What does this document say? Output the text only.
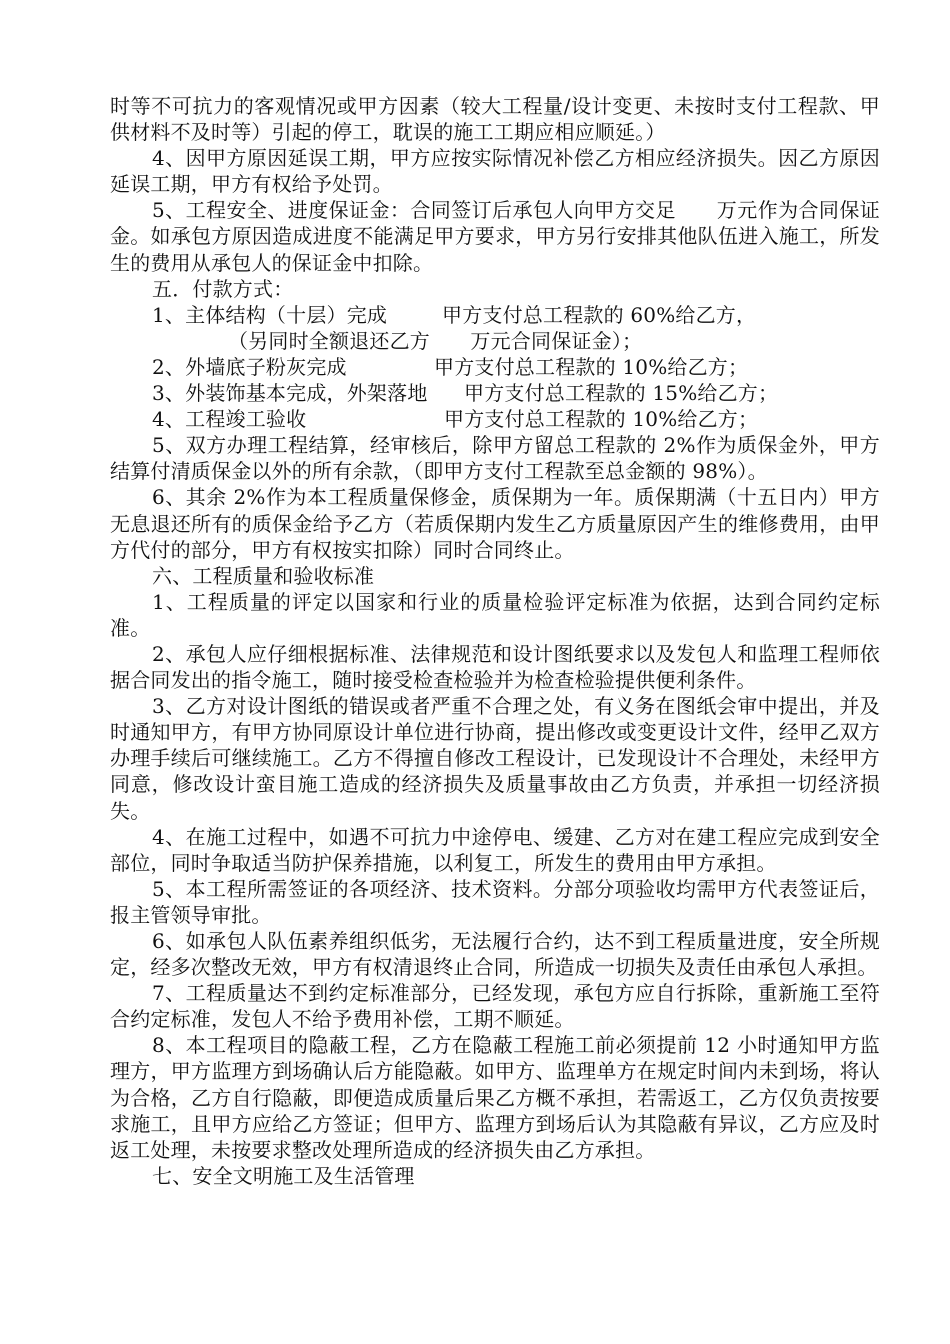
时等不可抗力的客观情况或甲方因素（较大工程量/设计变更、未按时支付工程款、甲供材料不及时等）引起的停工，耽误的施工工期应相应顺延。）

4、因甲方原因延误工期，甲方应按实际情况补偿乙方相应经济损失。因乙方原因延误工期，甲方有权给予处罚。

5、工程安全、进度保证金：合同签订后承包人向甲方交足　　万元作为合同保证金。如承包方原因造成进度不能满足甲方要求，甲方另行安排其他队伍进入施工，所发生的费用从承包人的保证金中扣除。

五．付款方式：

1、主体结构（十层）完成	甲方支付总工程款的 60%给乙方，
（另同时全额退还乙方　　万元合同保证金）；
2、外墙底子粉灰完成	甲方支付总工程款的 10%给乙方；
3、外装饰基本完成，外架落地	甲方支付总工程款的 15%给乙方；
4、工程竣工验收	甲方支付总工程款的 10%给乙方；

5、双方办理工程结算，经审核后，除甲方留总工程款的 2%作为质保金外，甲方结算付清质保金以外的所有余款，（即甲方支付工程款至总金额的 98%）。

6、其余 2%作为本工程质量保修金，质保期为一年。质保期满（十五日内）甲方无息退还所有的质保金给予乙方（若质保期内发生乙方质量原因产生的维修费用，由甲方代付的部分，甲方有权按实扣除）同时合同终止。

六、工程质量和验收标准

1、工程质量的评定以国家和行业的质量检验评定标准为依据，达到合同约定标准。

2、承包人应仔细根据标准、法律规范和设计图纸要求以及发包人和监理工程师依据合同发出的指令施工，随时接受检查检验并为检查检验提供便利条件。

3、乙方对设计图纸的错误或者严重不合理之处，有义务在图纸会审中提出，并及时通知甲方，有甲方协同原设计单位进行协商，提出修改或变更设计文件，经甲乙双方办理手续后可继续施工。乙方不得擅自修改工程设计，已发现设计不合理处，未经甲方同意，修改设计蛮目施工造成的经济损失及质量事故由乙方负责，并承担一切经济损失。

4、在施工过程中，如遇不可抗力中途停电、缓建、乙方对在建工程应完成到安全部位，同时争取适当防护保养措施，以利复工，所发生的费用由甲方承担。

5、本工程所需签证的各项经济、技术资料。分部分项验收均需甲方代表签证后，报主管领导审批。

6、如承包人队伍素养组织低劣，无法履行合约，达不到工程质量进度，安全所规定，经多次整改无效，甲方有权清退终止合同，所造成一切损失及责任由承包人承担。

7、工程质量达不到约定标准部分，已经发现，承包方应自行拆除，重新施工至符合约定标准，发包人不给予费用补偿，工期不顺延。

8、本工程项目的隐蔽工程，乙方在隐蔽工程施工前必须提前 12 小时通知甲方监理方，甲方监理方到场确认后方能隐蔽。如甲方、监理单方在规定时间内未到场，将认为合格，乙方自行隐蔽，即便造成质量后果乙方概不承担，若需返工，乙方仅负责按要求施工，且甲方应给乙方签证；但甲方、监理方到场后认为其隐蔽有异议，乙方应及时返工处理，未按要求整改处理所造成的经济损失由乙方承担。

七、安全文明施工及生活管理
